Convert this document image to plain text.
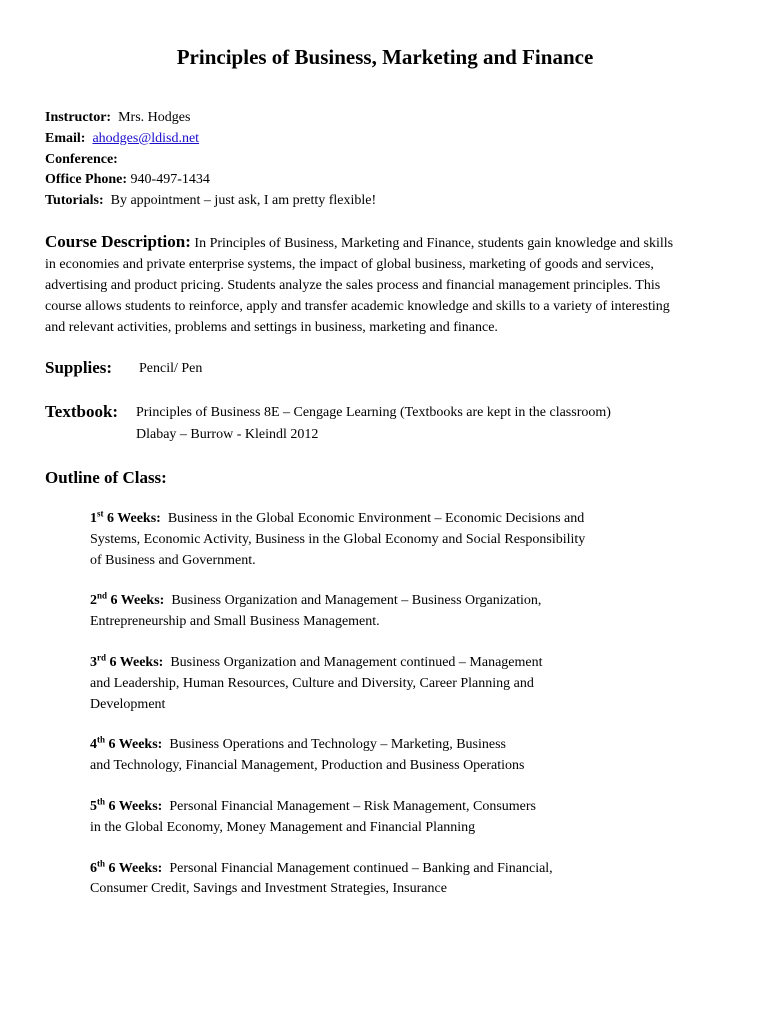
Principles of Business, Marketing and Finance
Instructor: Mrs. Hodges
Email: ahodges@ldisd.net
Conference:
Office Phone: 940-497-1434
Tutorials: By appointment – just ask, I am pretty flexible!
Course Description: In Principles of Business, Marketing and Finance, students gain knowledge and skills
in economies and private enterprise systems, the impact of global business, marketing of goods and services,
advertising and product pricing. Students analyze the sales process and financial management principles. This
course allows students to reinforce, apply and transfer academic knowledge and skills to a variety of interesting
and relevant activities, problems and settings in business, marketing and finance.
Supplies: Pencil/ Pen
Textbook: Principles of Business 8E – Cengage Learning (Textbooks are kept in the classroom)
Dlabay – Burrow - Kleindl 2012
Outline of Class:
1st 6 Weeks: Business in the Global Economic Environment – Economic Decisions and
Systems, Economic Activity, Business in the Global Economy and Social Responsibility
of Business and Government.
2nd 6 Weeks: Business Organization and Management – Business Organization,
Entrepreneurship and Small Business Management.
3rd 6 Weeks: Business Organization and Management continued – Management
and Leadership, Human Resources, Culture and Diversity, Career Planning and
Development
4th 6 Weeks: Business Operations and Technology – Marketing, Business
and Technology, Financial Management, Production and Business Operations
5th 6 Weeks: Personal Financial Management – Risk Management, Consumers
in the Global Economy, Money Management and Financial Planning
6th 6 Weeks: Personal Financial Management continued – Banking and Financial,
Consumer Credit, Savings and Investment Strategies, Insurance
